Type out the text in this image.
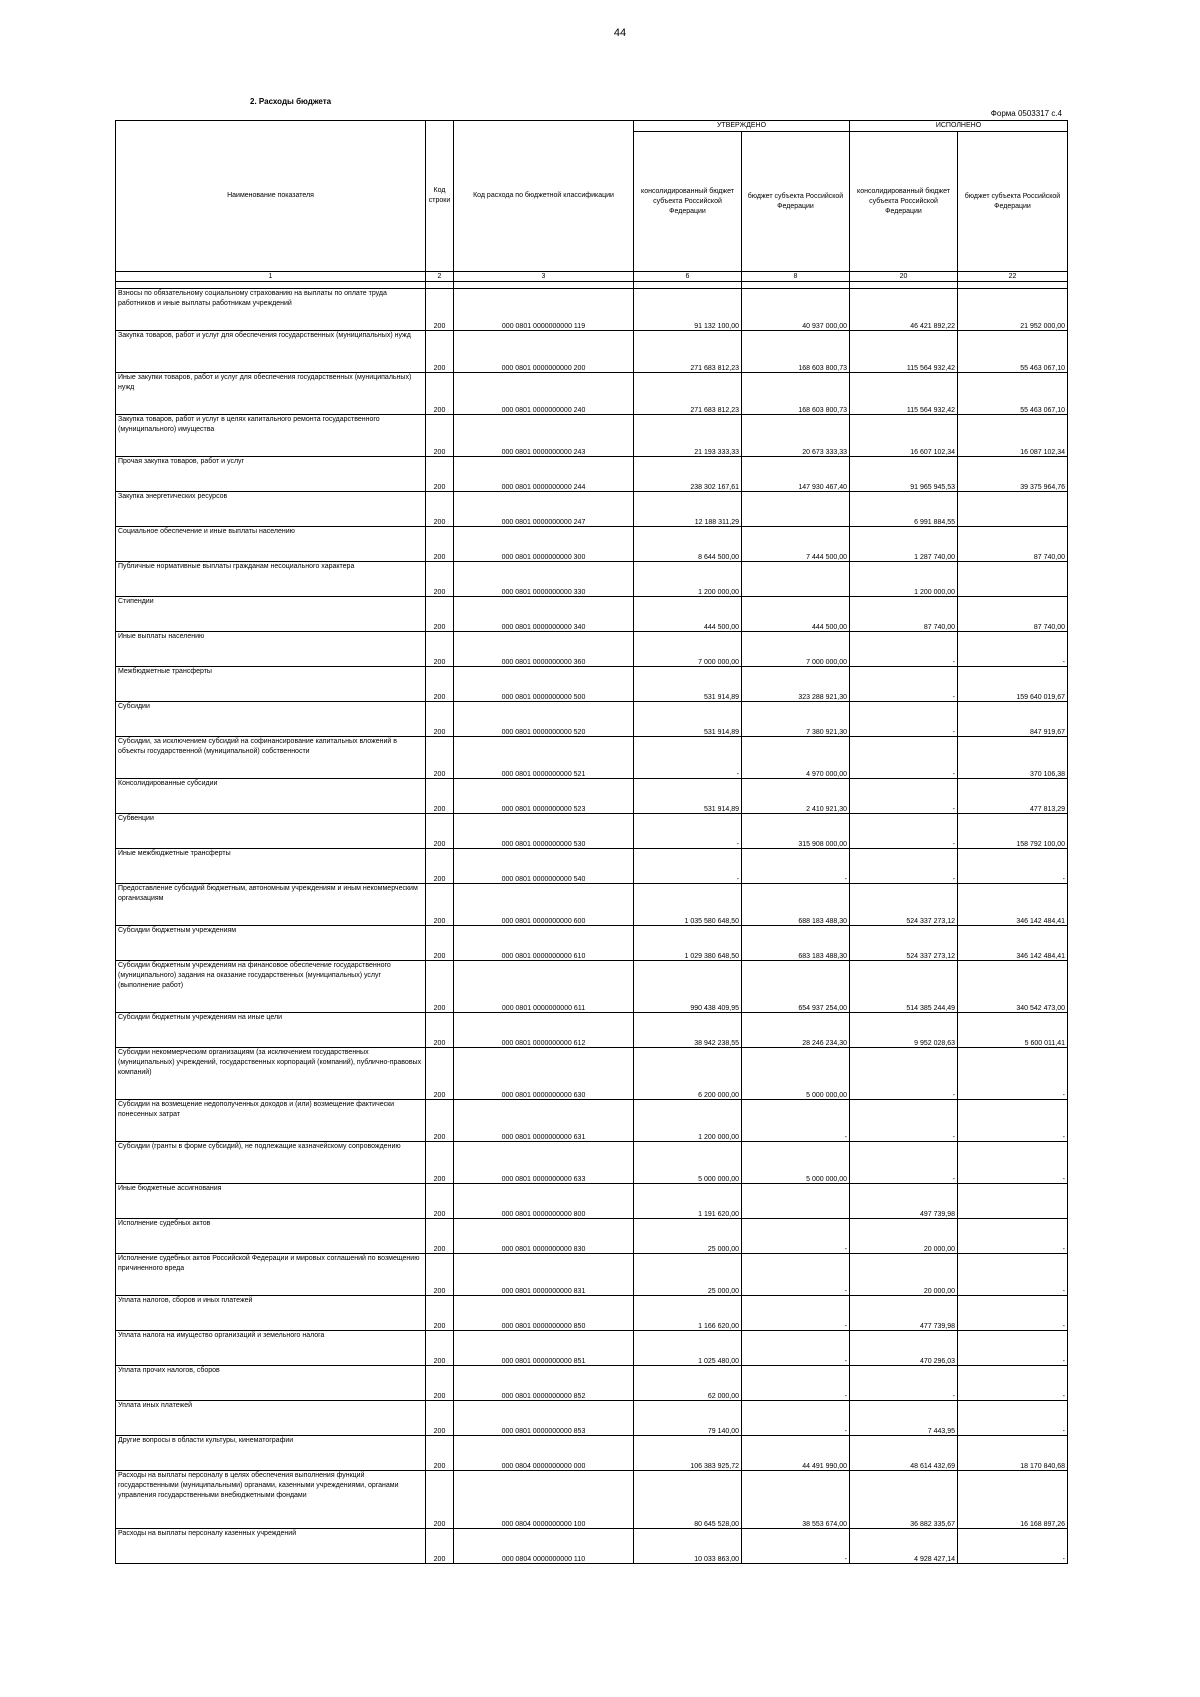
44
2. Расходы бюджета
Форма 0503317 с.4
Наименование показателя	Код строки	Код расхода по бюджетной классификации	УТВЕРЖДЕНО		ИСПОЛНЕНО	
			консолидированный бюджет субъекта Российской Федерации	бюджет субъекта Российской Федерации	консолидированный бюджет субъекта Российской Федерации	бюджет субъекта Российской Федерации
1	2	3	6	8	20	22

Взносы по обязательному социальному страхованию на выплаты по оплате труда работников и иные выплаты работникам учреждений	200	000 0801 0000000000 119	91 132 100,00	40 937 000,00	46 421 892,22	21 952 000,00
Закупка товаров, работ и услуг для обеспечения государственных (муниципальных) нужд	200	000 0801 0000000000 200	271 683 812,23	168 603 800,73	115 564 932,42	55 463 067,10
Иные закупки товаров, работ и услуг для обеспечения государственных (муниципальных) нужд	200	000 0801 0000000000 240	271 683 812,23	168 603 800,73	115 564 932,42	55 463 067,10
Закупка товаров, работ и услуг в целях капитального ремонта государственного (муниципального) имущества	200	000 0801 0000000000 243	21 193 333,33	20 673 333,33	16 607 102,34	16 087 102,34
Прочая закупка товаров, работ и услуг	200	000 0801 0000000000 244	238 302 167,61	147 930 467,40	91 965 945,53	39 375 964,76
Закупка энергетических ресурсов	200	000 0801 0000000000 247	12 188 311,29		6 991 884,55	
Социальное обеспечение и иные выплаты населению	200	000 0801 0000000000 300	8 644 500,00	7 444 500,00	1 287 740,00	87 740,00
Публичные нормативные выплаты гражданам несоциального характера	200	000 0801 0000000000 330	1 200 000,00		1 200 000,00	
Стипендии	200	000 0801 0000000000 340	444 500,00	444 500,00	87 740,00	87 740,00
Иные выплаты населению	200	000 0801 0000000000 360	7 000 000,00	7 000 000,00	-	-
Межбюджетные трансферты	200	000 0801 0000000000 500	531 914,89	323 288 921,30	-	159 640 019,67
Субсидии	200	000 0801 0000000000 520	531 914,89	7 380 921,30	-	847 919,67
Субсидии, за исключением субсидий на софинансирование капитальных вложений в объекты государственной (муниципальной) собственности	200	000 0801 0000000000 521	-	4 970 000,00	-	370 106,38
Консолидированные субсидии	200	000 0801 0000000000 523	531 914,89	2 410 921,30	-	477 813,29
Субвенции	200	000 0801 0000000000 530	-	315 908 000,00	-	158 792 100,00
Иные межбюджетные трансферты	200	000 0801 0000000000 540	-	-	-	-
Предоставление субсидий бюджетным, автономным учреждениям и иным некоммерческим организациям	200	000 0801 0000000000 600	1 035 580 648,50	688 183 488,30	524 337 273,12	346 142 484,41
Субсидии бюджетным учреждениям	200	000 0801 0000000000 610	1 029 380 648,50	683 183 488,30	524 337 273,12	346 142 484,41
Субсидии бюджетным учреждениям на финансовое обеспечение государственного (муниципального) задания на оказание государственных (муниципальных) услуг (выполнение работ)	200	000 0801 0000000000 611	990 438 409,95	654 937 254,00	514 385 244,49	340 542 473,00
Субсидии бюджетным учреждениям на иные цели	200	000 0801 0000000000 612	38 942 238,55	28 246 234,30	9 952 028,63	5 600 011,41
Субсидии некоммерческим организациям (за исключением государственных (муниципальных) учреждений, государственных корпораций (компаний), публично-правовых компаний)	200	000 0801 0000000000 630	6 200 000,00	5 000 000,00	-	-
Субсидии на возмещение недополученных доходов и (или) возмещение фактически понесенных затрат	200	000 0801 0000000000 631	1 200 000,00	-	-	-
Субсидии (гранты в форме субсидий), не подлежащие казначейскому сопровождению	200	000 0801 0000000000 633	5 000 000,00	5 000 000,00	-	-
Иные бюджетные ассигнования	200	000 0801 0000000000 800	1 191 620,00		497 739,98	
Исполнение судебных актов	200	000 0801 0000000000 830	25 000,00	-	20 000,00	-
Исполнение судебных актов Российской Федерации и мировых соглашений по возмещению причиненного вреда	200	000 0801 0000000000 831	25 000,00	-	20 000,00	-
Уплата налогов, сборов и иных платежей	200	000 0801 0000000000 850	1 166 620,00	-	477 739,98	-
Уплата налога на имущество организаций и земельного налога	200	000 0801 0000000000 851	1 025 480,00	-	470 296,03	-
Уплата прочих налогов, сборов	200	000 0801 0000000000 852	62 000,00	-	-	-
Уплата иных платежей	200	000 0801 0000000000 853	79 140,00	-	7 443,95	-
Другие вопросы в области культуры, кинематографии	200	000 0804 0000000000 000	106 383 925,72	44 491 990,00	48 614 432,69	18 170 840,68
Расходы на выплаты персоналу в целях обеспечения выполнения функций государственными (муниципальными) органами, казенными учреждениями, органами управления государственными внебюджетными фондами	200	000 0804 0000000000 100	80 645 528,00	38 553 674,00	36 882 335,67	16 168 897,26
Расходы на выплаты персоналу казенных учреждений	200	000 0804 0000000000 110	10 033 863,00	-	4 928 427,14	-
